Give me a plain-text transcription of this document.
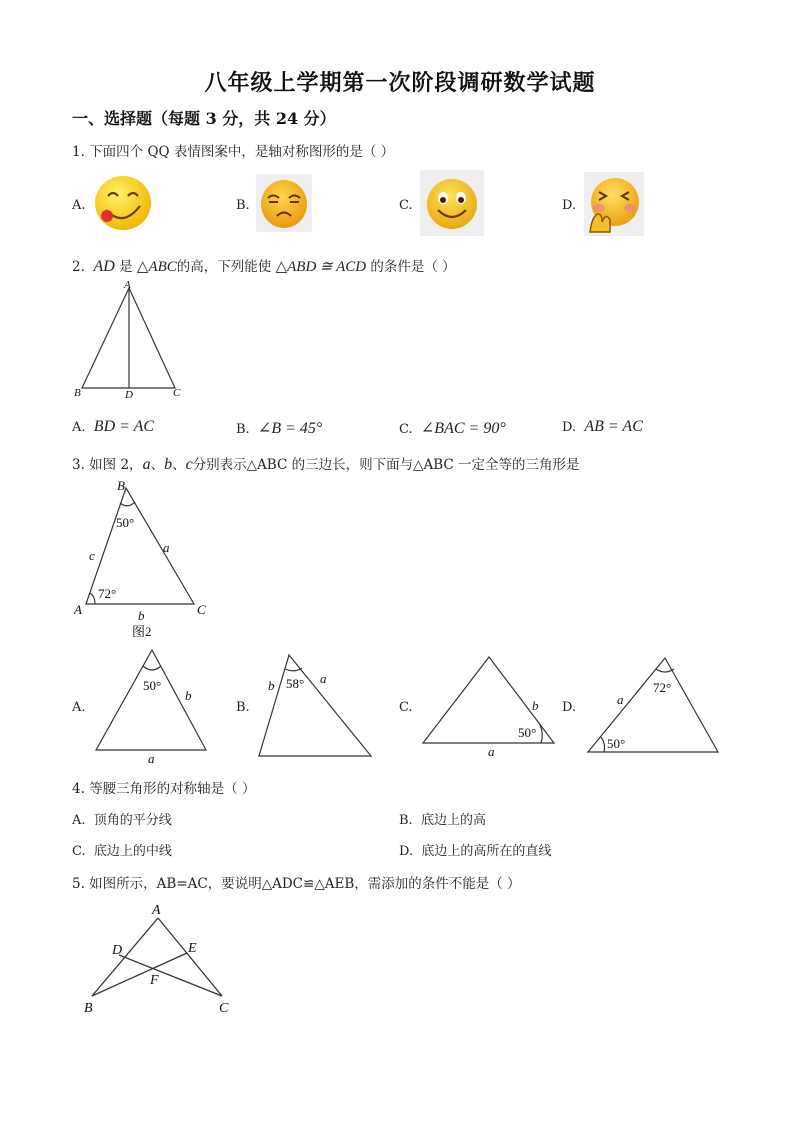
八年级上学期第一次阶段调研数学试题
一、选择题（每题 3 分，共 24 分）
1. 下面四个 QQ 表情图案中，是轴对称图形的是（ ）
A.	B.	C.	D.
2. AD 是 △ABC的高，下列能使 △ABD ≅ ACD 的条件是（ ）
A
B	D	C
A. BD = AC	B. ∠B = 45°	C. ∠BAC = 90°	D. AB = AC
3. 如图 2，a、b、c分别表示△ABC 的三边长，则下面与△ABC 一定全等的三角形是
B
50°
a
c
72°
A	C
b
图2
A.
50°
b
a
B.
b 58° a
C.	b
50°
a
D.
72°
a
50°
4. 等腰三角形的对称轴是（ ）
A. 顶角的平分线	B. 底边上的高
C. 底边上的中线	D. 底边上的高所在的直线
5. 如图所示，AB=AC，要说明△ADC≌△AEB，需添加的条件不能是（ ）
A
B	C
D	E
F
